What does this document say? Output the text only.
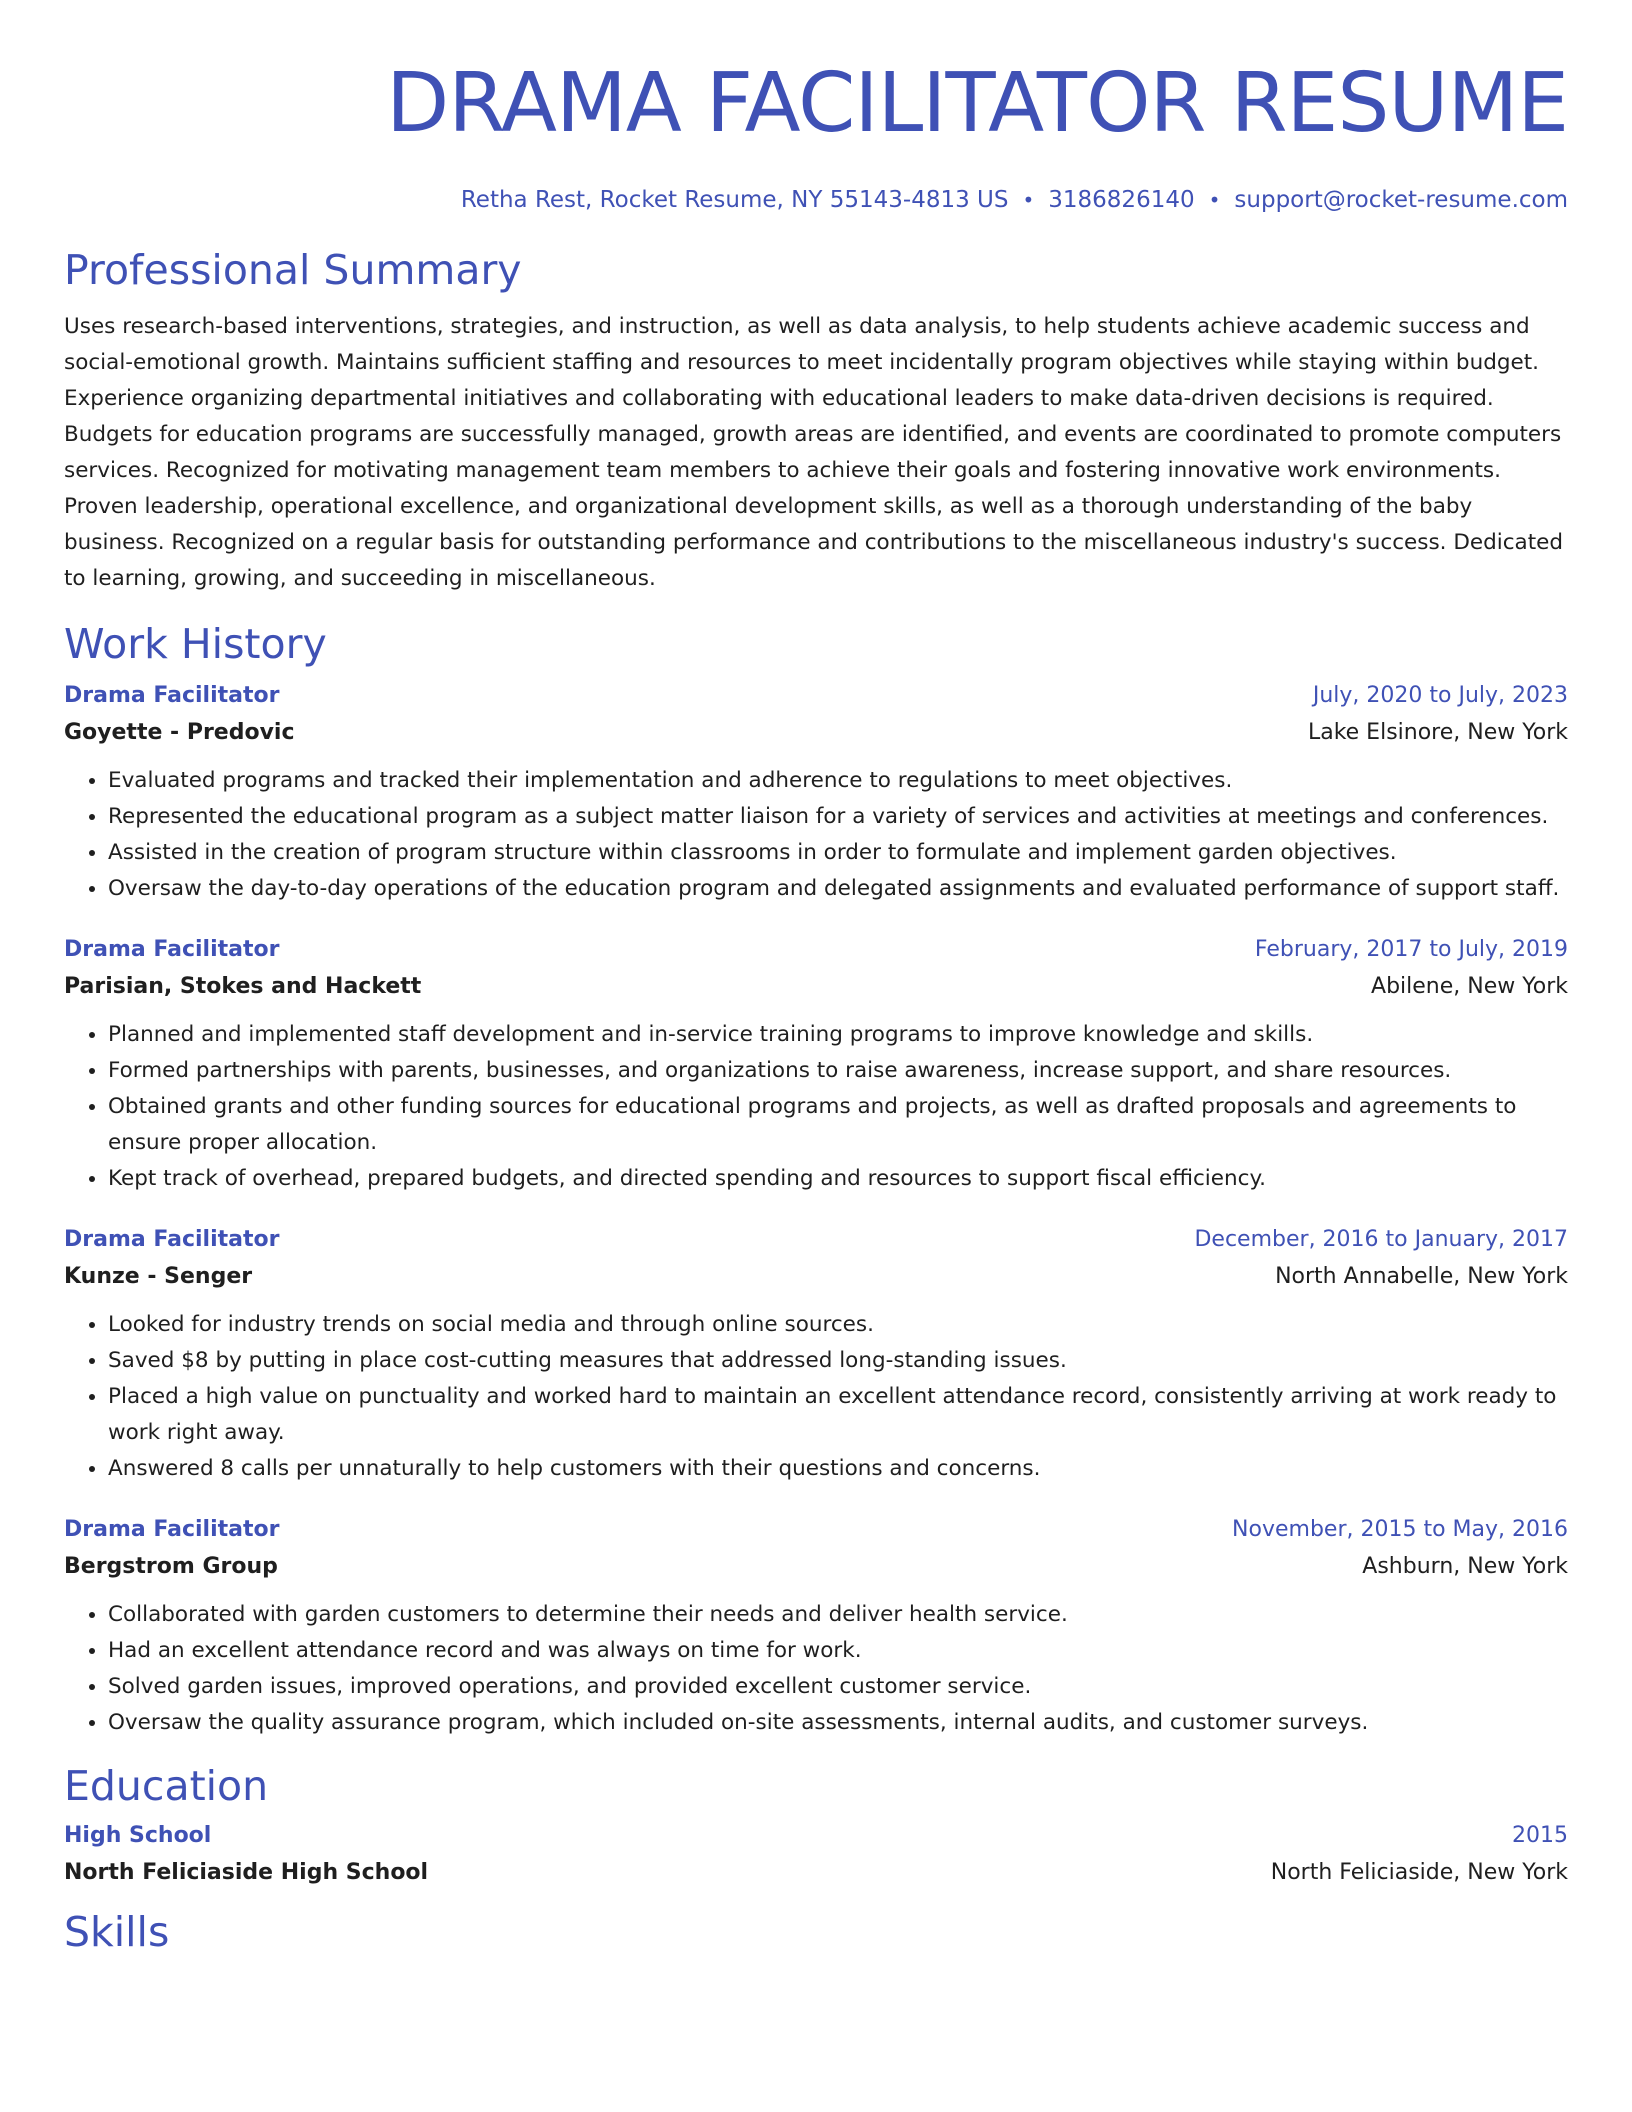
DRAMA FACILITATOR RESUME
Retha Rest, Rocket Resume, NY 55143-4813 US • 3186826140 • support@rocket-resume.com
Professional Summary

Uses research-based interventions, strategies, and instruction, as well as data analysis, to help students achieve academic success and social-emotional growth. Maintains sufficient staffing and resources to meet incidentally program objectives while staying within budget. Experience organizing departmental initiatives and collaborating with educational leaders to make data-driven decisions is required. Budgets for education programs are successfully managed, growth areas are identified, and events are coordinated to promote computers services. Recognized for motivating management team members to achieve their goals and fostering innovative work environments. Proven leadership, operational excellence, and organizational development skills, as well as a thorough understanding of the baby business. Recognized on a regular basis for outstanding performance and contributions to the miscellaneous industry's success. Dedicated to learning, growing, and succeeding in miscellaneous.

Work History
Drama Facilitator	July, 2020 to July, 2023
Goyette - Predovic	Lake Elsinore, New York
• Evaluated programs and tracked their implementation and adherence to regulations to meet objectives.
• Represented the educational program as a subject matter liaison for a variety of services and activities at meetings and conferences.
• Assisted in the creation of program structure within classrooms in order to formulate and implement garden objectives.
• Oversaw the day-to-day operations of the education program and delegated assignments and evaluated performance of support staff.
Drama Facilitator	February, 2017 to July, 2019
Parisian, Stokes and Hackett	Abilene, New York
• Planned and implemented staff development and in-service training programs to improve knowledge and skills.
• Formed partnerships with parents, businesses, and organizations to raise awareness, increase support, and share resources.
• Obtained grants and other funding sources for educational programs and projects, as well as drafted proposals and agreements to ensure proper allocation.
• Kept track of overhead, prepared budgets, and directed spending and resources to support fiscal efficiency.
Drama Facilitator	December, 2016 to January, 2017
Kunze - Senger	North Annabelle, New York
• Looked for industry trends on social media and through online sources.
• Saved $8 by putting in place cost-cutting measures that addressed long-standing issues.
• Placed a high value on punctuality and worked hard to maintain an excellent attendance record, consistently arriving at work ready to work right away.
• Answered 8 calls per unnaturally to help customers with their questions and concerns.
Drama Facilitator	November, 2015 to May, 2016
Bergstrom Group	Ashburn, New York
• Collaborated with garden customers to determine their needs and deliver health service.
• Had an excellent attendance record and was always on time for work.
• Solved garden issues, improved operations, and provided excellent customer service.
• Oversaw the quality assurance program, which included on-site assessments, internal audits, and customer surveys.
Education
High School	2015
North Feliciaside High School	North Feliciaside, New York
Skills
